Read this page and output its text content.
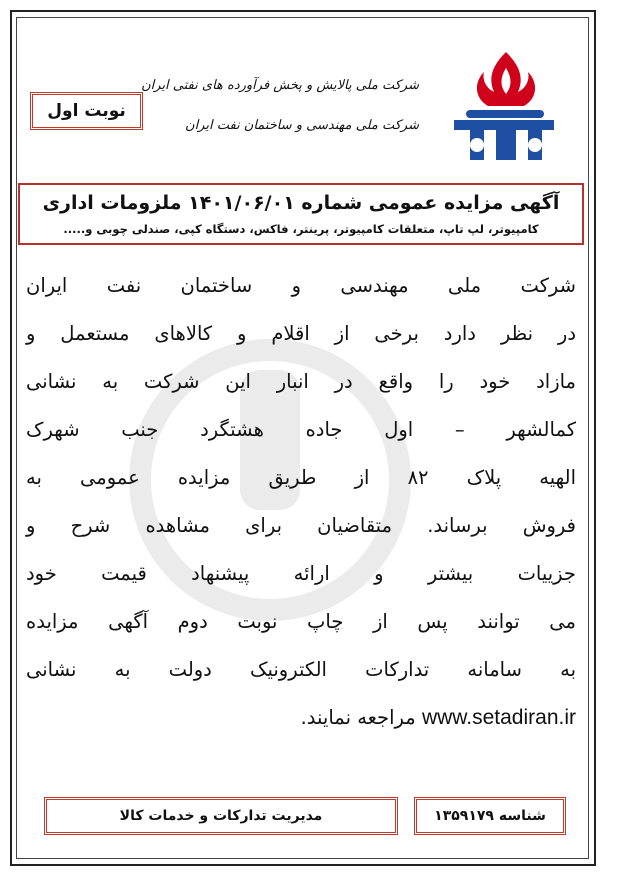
شرکت ملی پالایش و پخش فرآورده های نفتی ایران
شرکت ملی مهندسی و ساختمان نفت ایران
نوبت اول
آگهی مزایده عمومی شماره ۱۴۰۱/۰۶/۰۱ ملزومات اداری
کامپیوتر، لپ تاپ، متعلقات کامپیوتر، پرینتر، فاکس، دستگاه کپی، صندلی چوبی و.....
شرکت ملی مهندسی و ساختمان نفت ایران
در نظر دارد برخی از اقلام و کالاهای مستعمل و
مازاد خود را واقع در انبار این شرکت به نشانی
کمالشهر – اول جاده هشتگرد جنب شهرک
الهیه پلاک ۸۲ از طریق مزایده عمومی به
فروش برساند. متقاضیان برای مشاهده شرح و
جزییات بیشتر و ارائه پیشنهاد قیمت خود
می توانند پس از چاپ نوبت دوم آگهی مزایده
به سامانه تدارکات الکترونیک دولت به نشانی
www.setadiran.ir مراجعه نمایند.
شناسه ۱۳۵۹۱۷۹
مدیریت تدارکات و خدمات کالا
